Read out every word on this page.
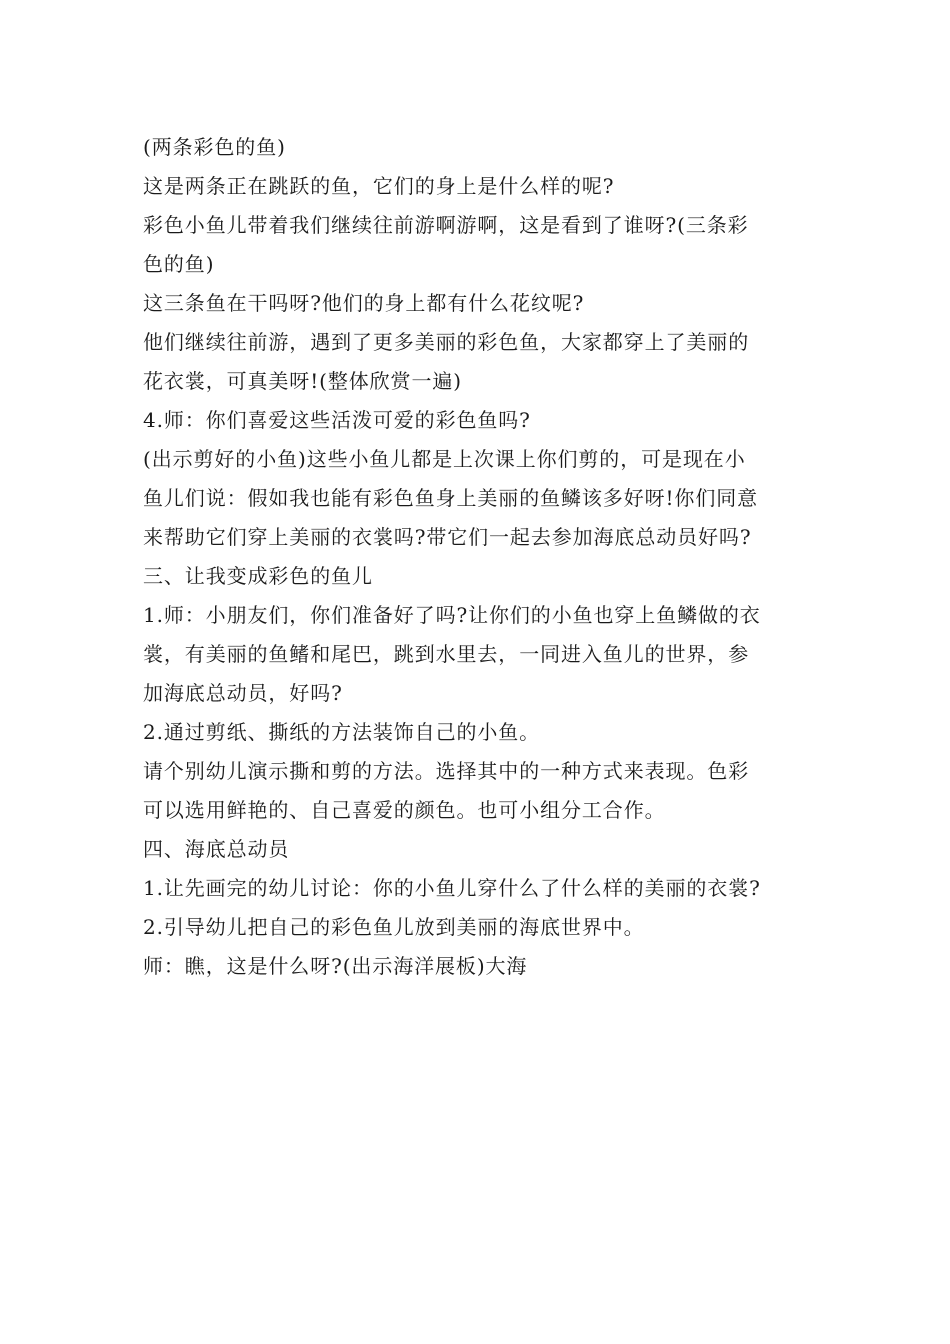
(两条彩色的鱼)
这是两条正在跳跃的鱼，它们的身上是什么样的呢?
彩色小鱼儿带着我们继续往前游啊游啊，这是看到了谁呀?(三条彩
色的鱼)
这三条鱼在干吗呀?他们的身上都有什么花纹呢?
他们继续往前游，遇到了更多美丽的彩色鱼，大家都穿上了美丽的
花衣裳，可真美呀!(整体欣赏一遍)
4.师：你们喜爱这些活泼可爱的彩色鱼吗?
(出示剪好的小鱼)这些小鱼儿都是上次课上你们剪的，可是现在小
鱼儿们说：假如我也能有彩色鱼身上美丽的鱼鳞该多好呀!你们同意
来帮助它们穿上美丽的衣裳吗?带它们一起去参加海底总动员好吗?
三、让我变成彩色的鱼儿
1.师：小朋友们，你们准备好了吗?让你们的小鱼也穿上鱼鳞做的衣
裳，有美丽的鱼鳍和尾巴，跳到水里去，一同进入鱼儿的世界，参
加海底总动员，好吗?
2.通过剪纸、撕纸的方法装饰自己的小鱼。
请个别幼儿演示撕和剪的方法。选择其中的一种方式来表现。色彩
可以选用鲜艳的、自己喜爱的颜色。也可小组分工合作。
四、海底总动员
1.让先画完的幼儿讨论：你的小鱼儿穿什么了什么样的美丽的衣裳?
2.引导幼儿把自己的彩色鱼儿放到美丽的海底世界中。
师：瞧，这是什么呀?(出示海洋展板)大海
